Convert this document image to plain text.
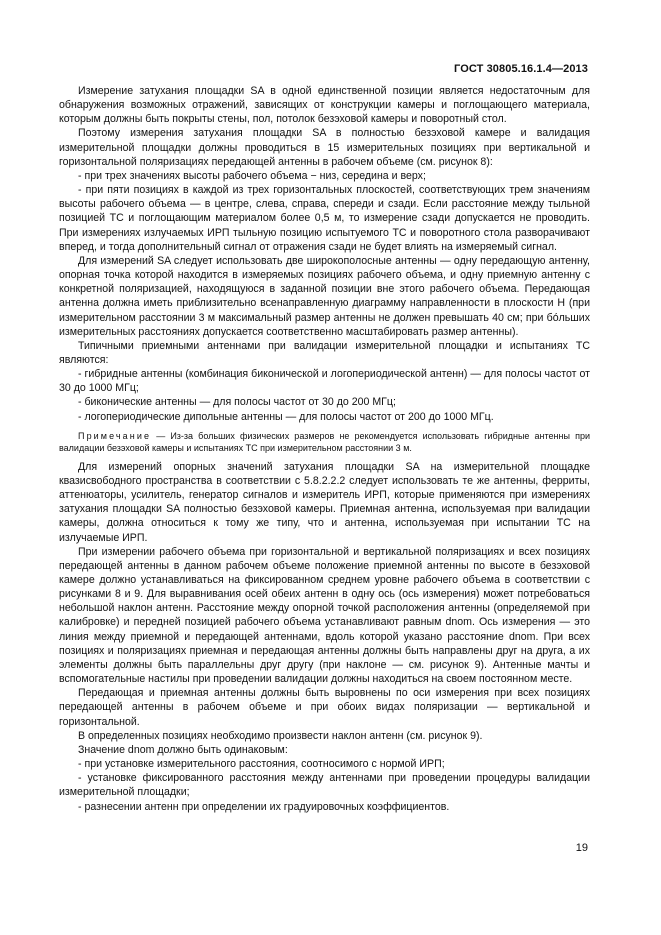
ГОСТ 30805.16.1.4—2013

Измерение затухания площадки SA в одной единственной позиции является недостаточным для обнаружения возможных отражений, зависящих от конструкции камеры и поглощающего материала, которым должны быть покрыты стены, пол, потолок безэховой камеры и поворотный стол.

Поэтому измерения затухания площадки SA в полностью безэховой камере и валидация измерительной площадки должны проводиться в 15 измерительных позициях при вертикальной и горизонтальной поляризациях передающей антенны в рабочем объеме (см. рисунок 8):

- при трех значениях высоты рабочего объема − низ, середина и верх;

- при пяти позициях в каждой из трех горизонтальных плоскостей, соответствующих трем значениям высоты рабочего объема — в центре, слева, справа, спереди и сзади. Если расстояние между тыльной позицией ТС и поглощающим материалом более 0,5 м, то измерение сзади допускается не проводить. При измерениях излучаемых ИРП тыльную позицию испытуемого ТС и поворотного стола разворачивают вперед, и тогда дополнительный сигнал от отражения сзади не будет влиять на измеряемый сигнал.

Для измерений SA следует использовать две широкополосные антенны — одну передающую антенну, опорная точка которой находится в измеряемых позициях рабочего объема, и одну приемную антенну с конкретной поляризацией, находящуюся в заданной позиции вне этого рабочего объема. Передающая антенна должна иметь приблизительно всенаправленную диаграмму направленности в плоскости H (при измерительном расстоянии 3 м максимальный размер антенны не должен превышать 40 см; при бо́льших измерительных расстояниях допускается соответственно масштабировать размер антенны).

Типичными приемными антеннами при валидации измерительной площадки и испытаниях ТС являются:

- гибридные антенны (комбинация биконической и логопериодической антенн) — для полосы частот от 30 до 1000 МГц;

- биконические антенны — для полосы частот от 30 до 200 МГц;

- логопериодические дипольные антенны — для полосы частот от 200 до 1000 МГц.

Примечание — Из-за больших физических размеров не рекомендуется использовать гибридные антенны при валидации безэховой камеры и испытаниях ТС при измерительном расстоянии 3 м.

Для измерений опорных значений затухания площадки SA на измерительной площадке квазисвободного пространства в соответствии с 5.8.2.2.2 следует использовать те же антенны, ферриты, аттенюаторы, усилитель, генератор сигналов и измеритель ИРП, которые применяются при измерениях затухания площадки SA полностью безэховой камеры. Приемная антенна, используемая при валидации камеры, должна относиться к тому же типу, что и антенна, используемая при испытании ТС на излучаемые ИРП.

При измерении рабочего объема при горизонтальной и вертикальной поляризациях и всех позициях передающей антенны в данном рабочем объеме положение приемной антенны по высоте в безэховой камере должно устанавливаться на фиксированном среднем уровне рабочего объема в соответствии с рисунками 8 и 9. Для выравнивания осей обеих антенн в одну ось (ось измерения) может потребоваться небольшой наклон антенн. Расстояние между опорной точкой расположения антенны (определяемой при калибровке) и передней позицией рабочего объема устанавливают равным dnom. Ось измерения — это линия между приемной и передающей антеннами, вдоль которой указано расстояние dnom. При всех позициях и поляризациях приемная и передающая антенны должны быть направлены друг на друга, а их элементы должны быть параллельны друг другу (при наклоне — см. рисунок 9). Антенные мачты и вспомогательные настилы при проведении валидации должны находиться на своем постоянном месте.

Передающая и приемная антенны должны быть выровнены по оси измерения при всех позициях передающей антенны в рабочем объеме и при обоих видах поляризации — вертикальной и горизонтальной.

В определенных позициях необходимо произвести наклон антенн (см. рисунок 9).

Значение dnom должно быть одинаковым:

- при установке измерительного расстояния, соотносимого с нормой ИРП;

- установке фиксированного расстояния между антеннами при проведении процедуры валидации измерительной площадки;

- разнесении антенн при определении их градуировочных коэффициентов.

19
